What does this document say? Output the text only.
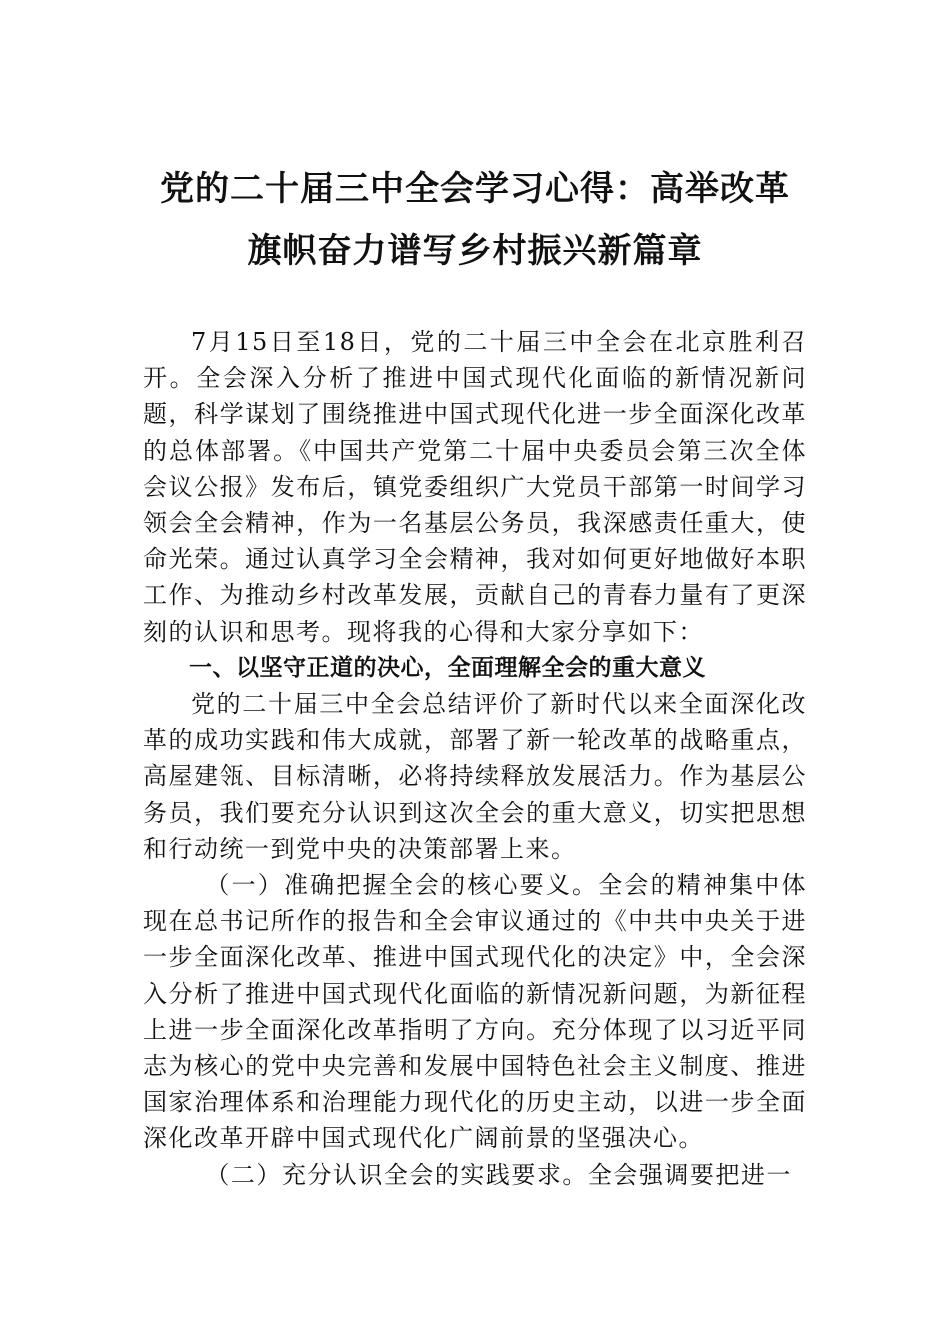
党的二十届三中全会学习心得：高举改革
旗帜奋力谱写乡村振兴新篇章

7月15日至18日，党的二十届三中全会在北京胜利召开。全会深入分析了推进中国式现代化面临的新情况新问题，科学谋划了围绕推进中国式现代化进一步全面深化改革的总体部署。《中国共产党第二十届中央委员会第三次全体会议公报》发布后，镇党委组织广大党员干部第一时间学习领会全会精神，作为一名基层公务员，我深感责任重大，使命光荣。通过认真学习全会精神，我对如何更好地做好本职工作、为推动乡村改革发展，贡献自己的青春力量有了更深刻的认识和思考。现将我的心得和大家分享如下：

一、以坚守正道的决心，全面理解全会的重大意义

党的二十届三中全会总结评价了新时代以来全面深化改革的成功实践和伟大成就，部署了新一轮改革的战略重点，高屋建瓴、目标清晰，必将持续释放发展活力。作为基层公务员，我们要充分认识到这次全会的重大意义，切实把思想和行动统一到党中央的决策部署上来。

（一）准确把握全会的核心要义。全会的精神集中体现在总书记所作的报告和全会审议通过的《中共中央关于进一步全面深化改革、推进中国式现代化的决定》中，全会深入分析了推进中国式现代化面临的新情况新问题，为新征程上进一步全面深化改革指明了方向。充分体现了以习近平同志为核心的党中央完善和发展中国特色社会主义制度、推进国家治理体系和治理能力现代化的历史主动，以进一步全面深化改革开辟中国式现代化广阔前景的坚强决心。

（二）充分认识全会的实践要求。全会强调要把进一
